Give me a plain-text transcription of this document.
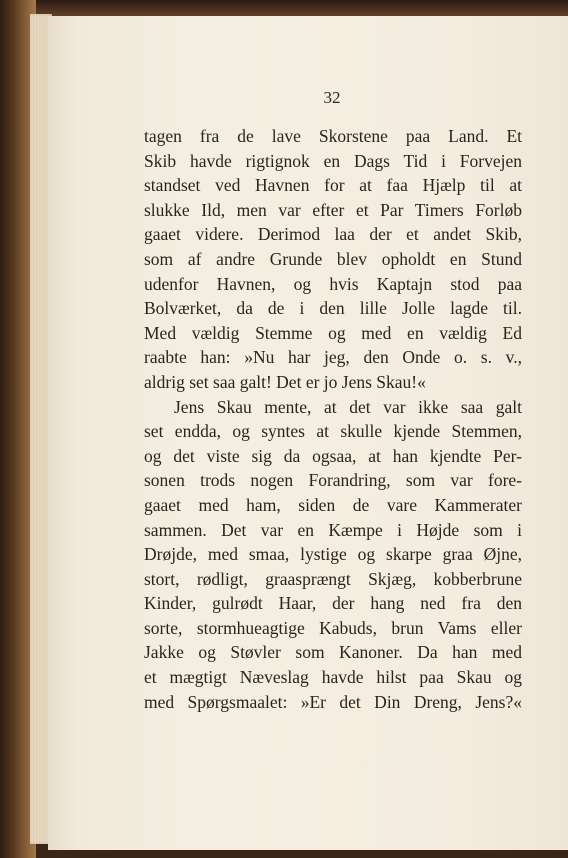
32
tagen fra de lave Skorstene paa Land. Et
Skib havde rigtignok en Dags Tid i Forvejen
standset ved Havnen for at faa Hjælp til at
slukke Ild, men var efter et Par Timers Forløb
gaaet videre. Derimod laa der et andet Skib,
som af andre Grunde blev opholdt en Stund
udenfor Havnen, og hvis Kaptajn stod paa
Bolværket, da de i den lille Jolle lagde til.
Med vældig Stemme og med en vældig Ed
raabte han: »Nu har jeg, den Onde o. s. v.,
aldrig set saa galt! Det er jo Jens Skau!«
Jens Skau mente, at det var ikke saa galt
set endda, og syntes at skulle kjende Stemmen,
og det viste sig da ogsaa, at han kjendte Per-
sonen trods nogen Forandring, som var fore-
gaaet med ham, siden de vare Kammerater
sammen. Det var en Kæmpe i Højde som i
Drøjde, med smaa, lystige og skarpe graa Øjne,
stort, rødligt, graasprængt Skjæg, kobberbrune
Kinder, gulrødt Haar, der hang ned fra den
sorte, stormhueagtige Kabuds, brun Vams eller
Jakke og Støvler som Kanoner. Da han med
et mægtigt Næveslag havde hilst paa Skau og
med Spørgsmaalet: »Er det Din Dreng, Jens?«
